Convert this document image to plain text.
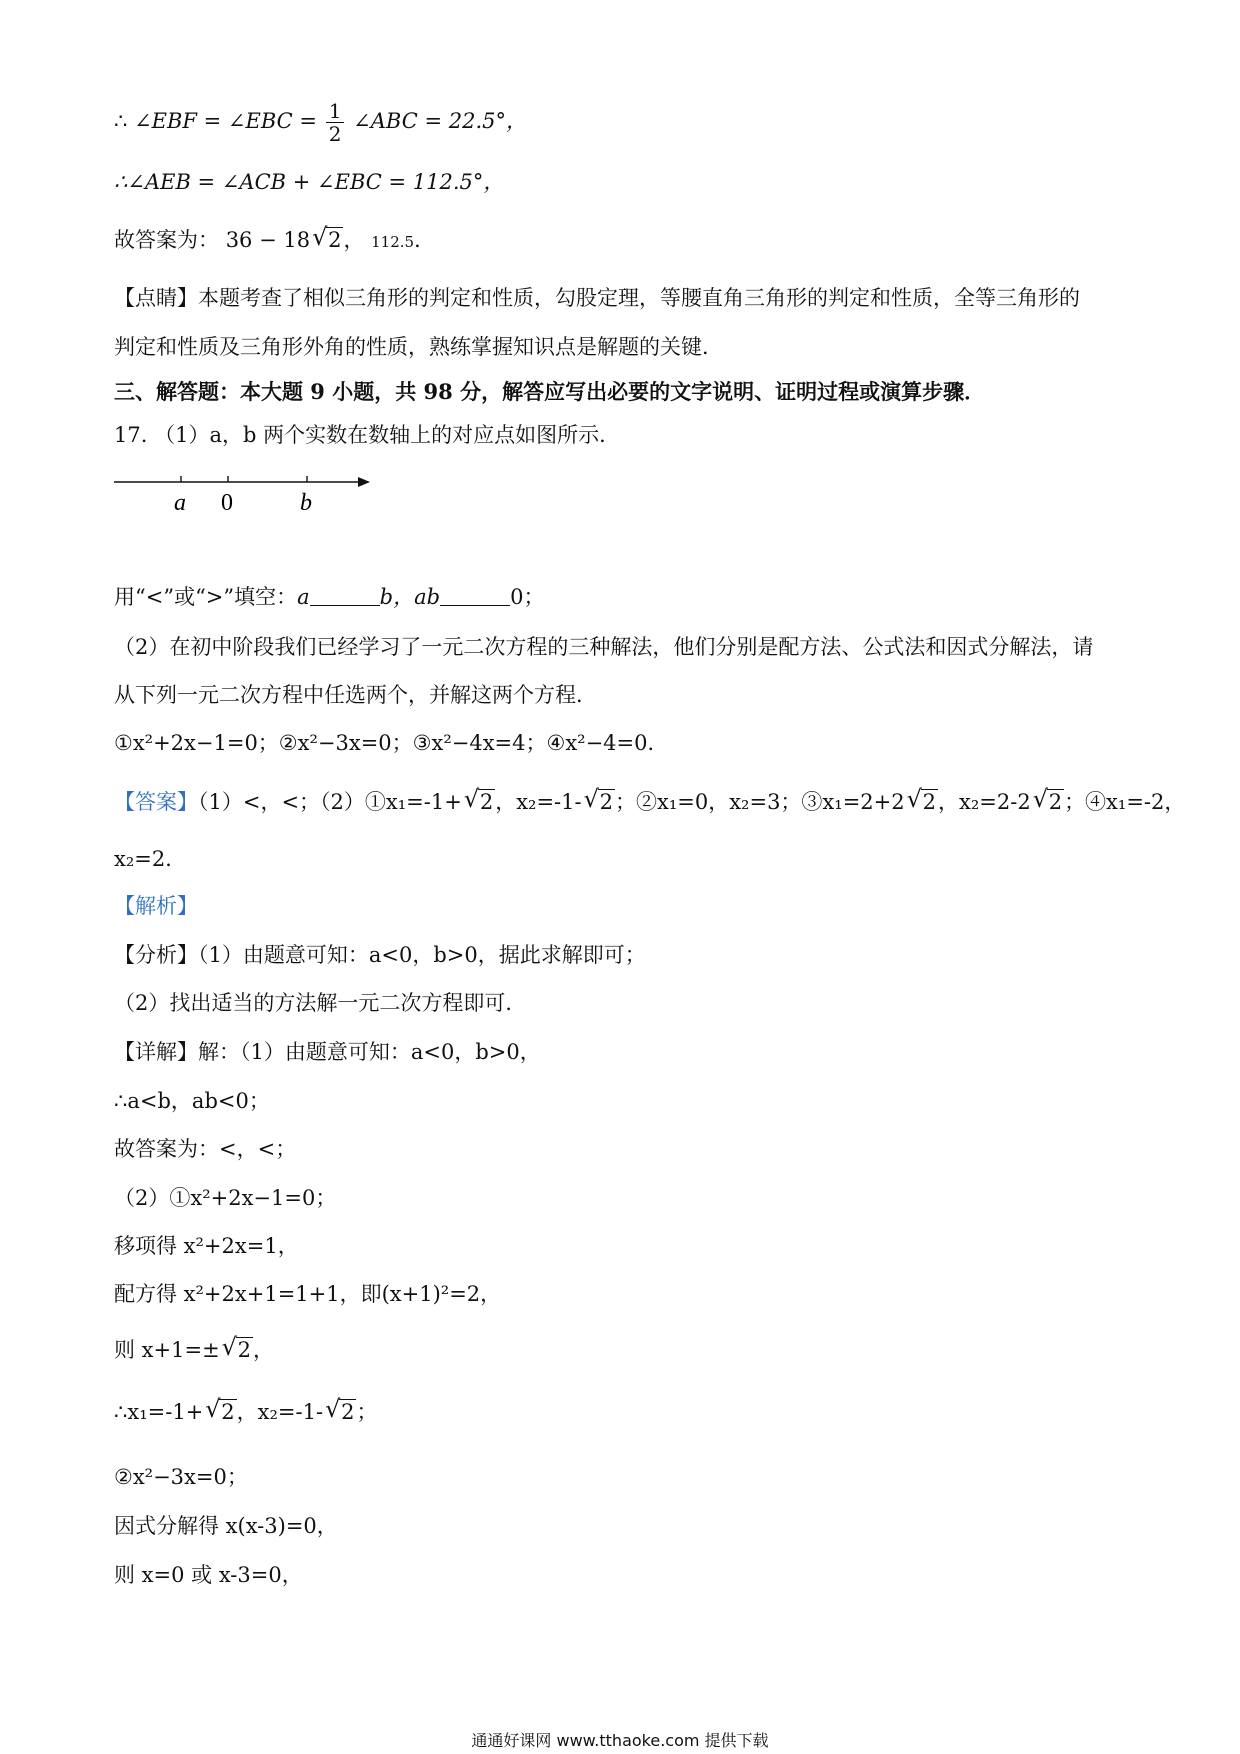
∴ ∠EBF = ∠EBC = $\frac{1}{2}$ ∠ABC = 22.5°，
∴∠AEB = ∠ACB + ∠EBC = 112.5°，
故答案为： 36 − 18 √ 2， 112.5．
【点睛】本题考查了相似三角形的判定和性质，勾股定理，等腰直角三角形的判定和性质，全等三角形的
判定和性质及三角形外角的性质，熟练掌握知识点是解题的关键．
三、解答题：本大题 9 小题，共 98 分，解答应写出必要的文字说明、证明过程或演算步骤．
17. （1）a，b 两个实数在数轴上的对应点如图所示．
a 0	b
用“<”或“>”填空：a	b，ab	0；
（2）在初中阶段我们已经学习了一元二次方程的三种解法，他们分别是配方法、公式法和因式分解法，请
从下列一元二次方程中任选两个，并解这两个方程．
①x²+2x−1=0；②x²−3x=0；③x²−4x=4；④x²−4=0．
【答案】（1）<，<；（2）①x₁=-1+ √ 2，x₂=-1- √ 2；②x₁=0，x₂=3；③x₁=2+2 √ 2，x₂=2-2 √ 2；④x₁=-2，
x₂=2．
【解析】
【分析】（1）由题意可知：a<0，b>0，据此求解即可；
（2）找出适当的方法解一元二次方程即可．
【详解】解：（1）由题意可知：a<0，b>0，
∴a<b，ab<0；
故答案为：<，<；
（2）①x²+2x−1=0；
移项得 x²+2x=1，
配方得 x²+2x+1=1+1，即(x+1)²=2，
则 x+1=± √ 2，
∴x₁=-1+ √ 2，x₂=-1- √ 2；
②x²−3x=0；
因式分解得 x(x-3)=0，
则 x=0 或 x-3=0，
通通好课网 www.tthaoke.com 提供下载
